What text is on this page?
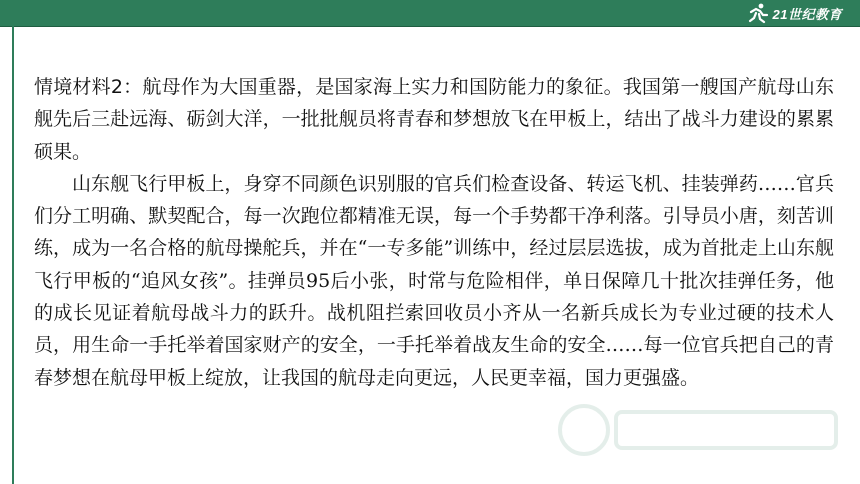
21世纪教育

情境材料2：航母作为大国重器，是国家海上实力和国防能力的象征。我国第一艘国产航母山东舰先后三赴远海、砺剑大洋，一批批舰员将青春和梦想放飞在甲板上，结出了战斗力建设的累累硕果。

山东舰飞行甲板上，身穿不同颜色识别服的官兵们检查设备、转运飞机、挂装弹药……官兵们分工明确、默契配合，每一次跑位都精准无误，每一个手势都干净利落。引导员小唐，刻苦训练，成为一名合格的航母操舵兵，并在“一专多能”训练中，经过层层选拔，成为首批走上山东舰飞行甲板的“追风女孩”。挂弹员95后小张，时常与危险相伴，单日保障几十批次挂弹任务，他的成长见证着航母战斗力的跃升。战机阻拦索回收员小齐从一名新兵成长为专业过硬的技术人员，用生命一手托举着国家财产的安全，一手托举着战友生命的安全……每一位官兵把自己的青春梦想在航母甲板上绽放，让我国的航母走向更远，人民更幸福，国力更强盛。
